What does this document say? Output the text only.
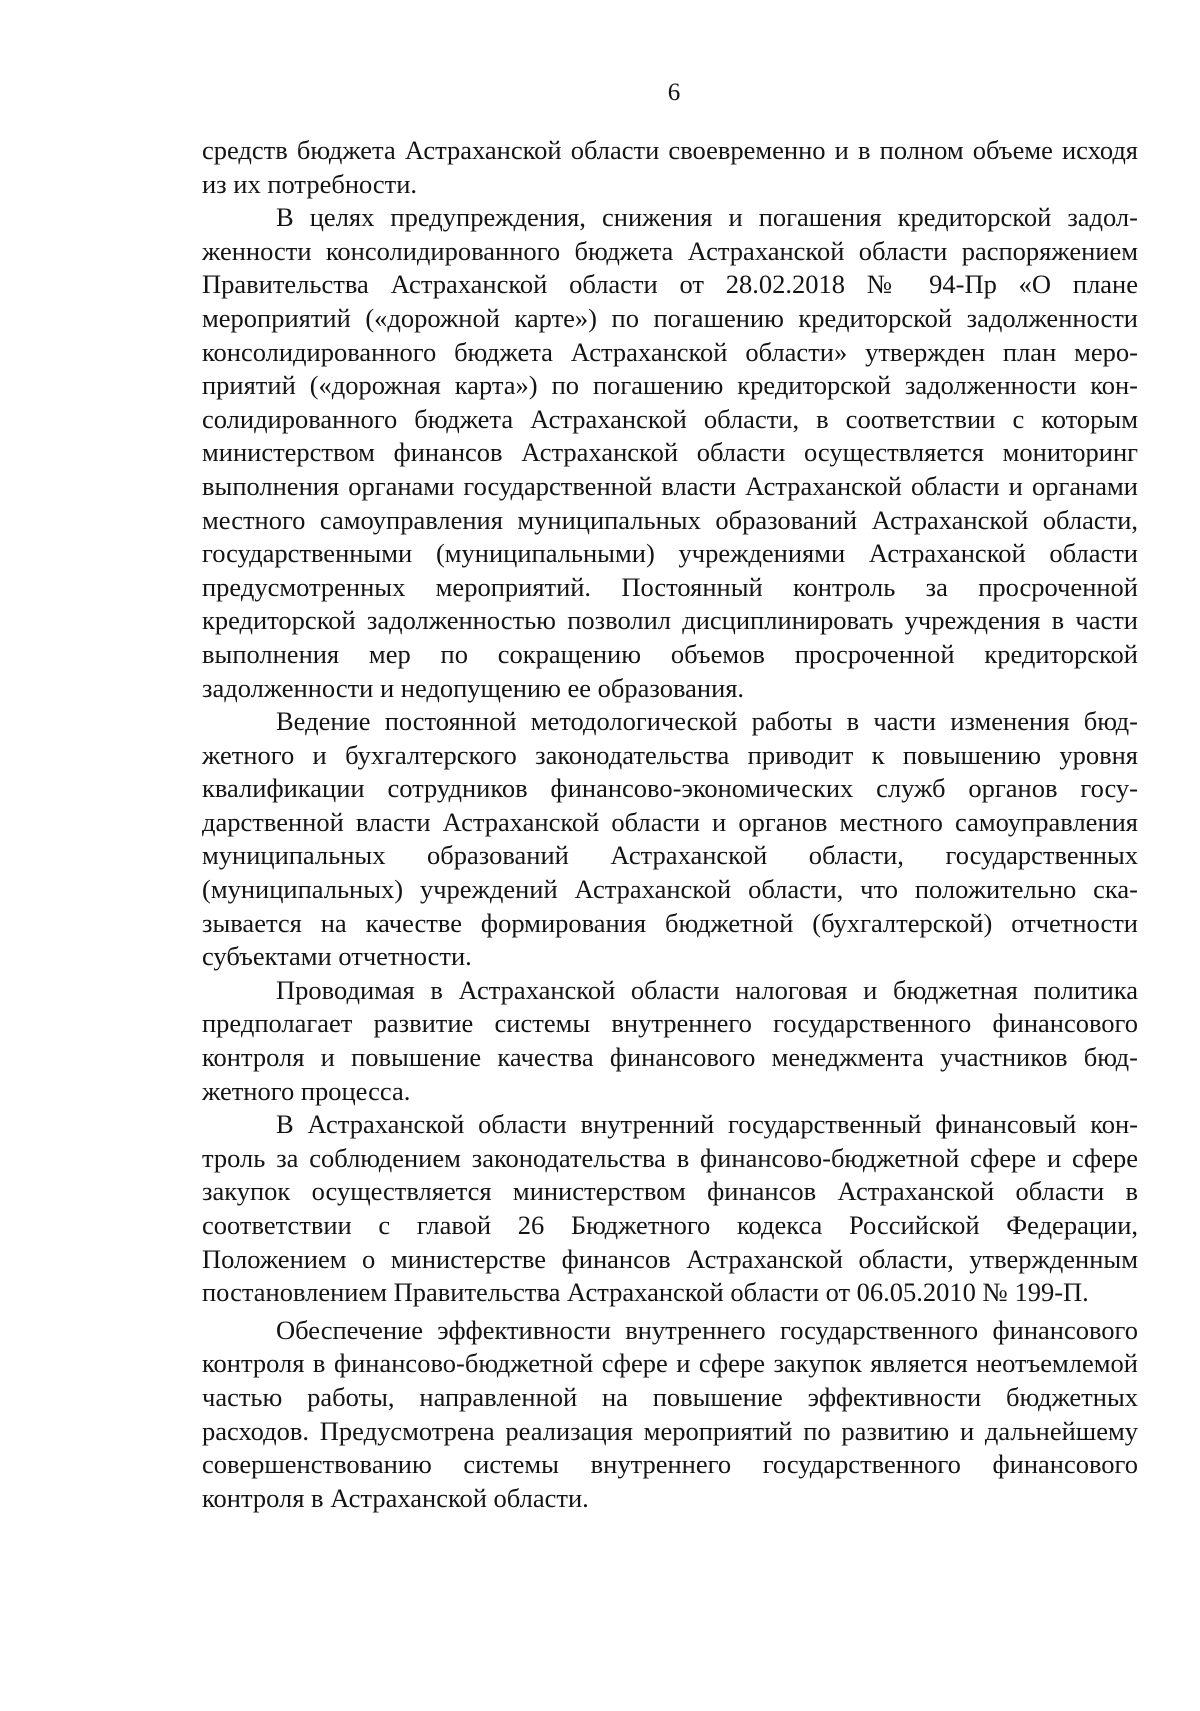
6

средств бюджета Астраханской области своевременно и в полном объеме исходя из их потребности.

В целях предупреждения, снижения и погашения кредиторской задолженности консолидированного бюджета Астраханской области распоряжением Правительства Астраханской области от 28.02.2018 № 94-Пр «О плане мероприятий («дорожной карте») по погашению кредиторской задолженности консолидированного бюджета Астраханской области» утвержден план мероприятий («дорожная карта») по погашению кредиторской задолженности консолидированного бюджета Астраханской области, в соответствии с которым министерством финансов Астраханской области осуществляется мониторинг выполнения органами государственной власти Астраханской области и органами местного самоуправления муниципальных образований Астраханской области, государственными (муниципальными) учреждениями Астраханской области предусмотренных мероприятий. Постоянный контроль за просроченной кредиторской задолженностью позволил дисциплинировать учреждения в части выполнения мер по сокращению объемов просроченной кредиторской задолженности и недопущению ее образования.

Ведение постоянной методологической работы в части изменения бюджетного и бухгалтерского законодательства приводит к повышению уровня квалификации сотрудников финансово-экономических служб органов государственной власти Астраханской области и органов местного самоуправления муниципальных образований Астраханской области, государственных (муниципальных) учреждений Астраханской области, что положительно сказывается на качестве формирования бюджетной (бухгалтерской) отчетности субъектами отчетности.

Проводимая в Астраханской области налоговая и бюджетная политика предполагает развитие системы внутреннего государственного финансового контроля и повышение качества финансового менеджмента участников бюджетного процесса.

В Астраханской области внутренний государственный финансовый контроль за соблюдением законодательства в финансово-бюджетной сфере и сфере закупок осуществляется министерством финансов Астраханской области в соответствии с главой 26 Бюджетного кодекса Российской Федерации, Положением о министерстве финансов Астраханской области, утвержденным постановлением Правительства Астраханской области от 06.05.2010 № 199-П.

Обеспечение эффективности внутреннего государственного финансового контроля в финансово-бюджетной сфере и сфере закупок является неотъемлемой частью работы, направленной на повышение эффективности бюджетных расходов. Предусмотрена реализация мероприятий по развитию и дальнейшему совершенствованию системы внутреннего государственного финансового контроля в Астраханской области.
